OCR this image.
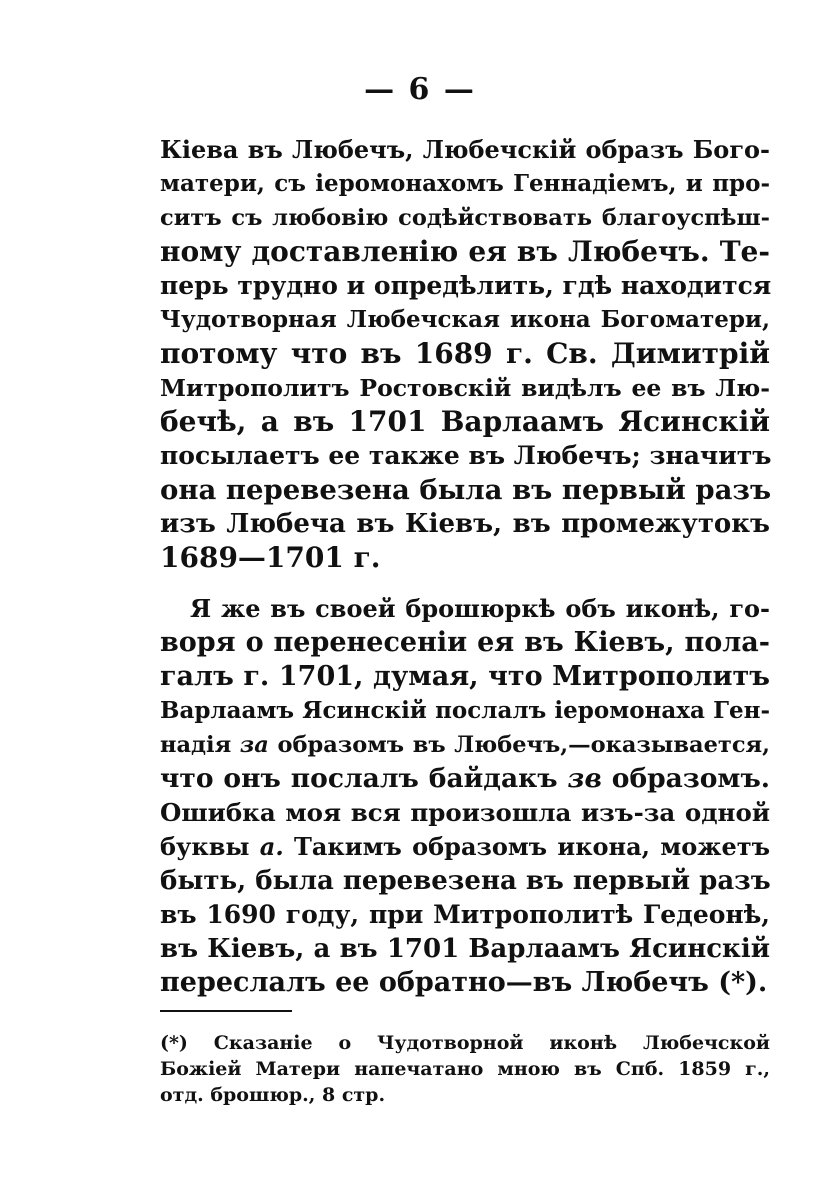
— 6 —
Кіева въ Любечъ, Любечскій образъ Бого-
матери, съ іеромонахомъ Геннадіемъ, и про-
ситъ съ любовію содѣйствовать благоуспѣш-
ному доставленію ея въ Любечъ. Те-
перь трудно и опредѣлить, гдѣ находится
Чудотворная Любечская икона Богоматери,
потому что въ 1689 г. Св. Димитрій
Митрополитъ Ростовскій видѣлъ ее въ Лю-
бечѣ, а въ 1701 Варлаамъ Ясинскій
посылаетъ ее также въ Любечъ; значитъ
она перевезена была въ первый разъ
изъ Любеча въ Кіевъ, въ промежутокъ
1689—1701 г.
Я же въ своей брошюркѣ объ иконѣ, го-
воря о перенесеніи ея въ Кіевъ, пола-
галъ г. 1701, думая, что Митрополитъ
Варлаамъ Ясинскій послалъ іеромонаха Ген-
надія за образомъ въ Любечъ,—оказывается,
что онъ послалъ байдакъ зв образомъ.
Ошибка моя вся произошла изъ-за одной
буквы а. Такимъ образомъ икона, можетъ
быть, была перевезена въ первый разъ
въ 1690 году, при Митрополитѣ Гедеонѣ,
въ Кіевъ, а въ 1701 Варлаамъ Ясинскій
переслалъ ее обратно—въ Любечъ (*).
(*) Сказаніе о Чудотворной иконѣ Любечской
Божіей Матери напечатано мною въ Спб. 1859 г.,
отд. брошюр., 8 стр.
